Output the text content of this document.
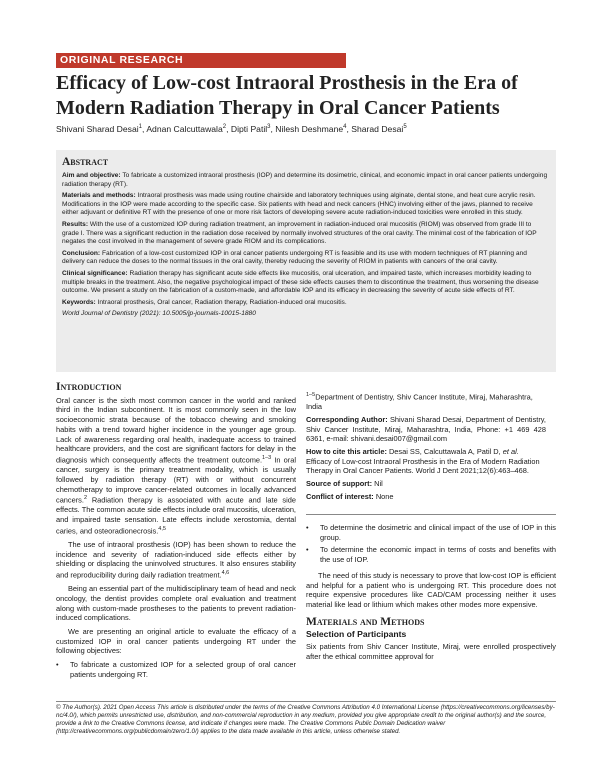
ORIGINAL RESEARCH
Efficacy of Low-cost Intraoral Prosthesis in the Era of Modern Radiation Therapy in Oral Cancer Patients
Shivani Sharad Desai$^1$, Adnan Calcuttawala$^2$, Dipti Patil$^3$, Nilesh Deshmane$^4$, Sharad Desai$^5$
Abstract

Aim and objective: To fabricate a customized intraoral prosthesis (IOP) and determine its dosimetric, clinical, and economic impact in oral cancer patients undergoing radiation therapy (RT).

Materials and methods: Intraoral prosthesis was made using routine chairside and laboratory techniques using alginate, dental stone, and heat cure acrylic resin. Modifications in the IOP were made according to the specific case. Six patients with head and neck cancers (HNC) involving either of the jaws, planned to receive either adjuvant or definitive RT with the presence of one or more risk factors of developing severe acute radiation-induced toxicities were enrolled in this study.

Results: With the use of a customized IOP during radiation treatment, an improvement in radiation-induced oral mucositis (RIOM) was observed from grade III to grade I. There was a significant reduction in the radiation dose received by normally involved structures of the oral cavity. The minimal cost of the fabrication of IOP negates the cost involved in the management of severe grade RIOM and its complications.

Conclusion: Fabrication of a low-cost customized IOP in oral cancer patients undergoing RT is feasible and its use with modern techniques of RT planning and delivery can reduce the doses to the normal tissues in the oral cavity, thereby reducing the severity of RIOM in patients with cancers of the oral cavity.

Clinical significance: Radiation therapy has significant acute side effects like mucositis, oral ulceration, and impaired taste, which increases morbidity leading to multiple breaks in the treatment. Also, the negative psychological impact of these side effects causes them to discontinue the treatment, thus worsening the disease outcome. We present a study on the fabrication of a custom-made, and affordable IOP and its efficacy in decreasing the severity of acute side effects of RT.

Keywords: Intraoral prosthesis, Oral cancer, Radiation therapy, Radiation-induced oral mucositis.

World Journal of Dentistry (2021): 10.5005/jp-journals-10015-1880

Introduction

Oral cancer is the sixth most common cancer in the world and ranked third in the Indian subcontinent. It is most commonly seen in the low socioeconomic strata because of the tobacco chewing and smoking habits with a trend toward higher incidence in the younger age group. Lack of awareness regarding oral health, inadequate access to trained healthcare providers, and the cost are significant factors for delay in the diagnosis which consequently affects the treatment outcome.$^{1-3}$ In oral cancer, surgery is the primary treatment modality, which is usually followed by radiation therapy (RT) with or without concurrent chemotherapy to improve cancer-related outcomes in locally advanced cancers.$^2$ Radiation therapy is associated with acute and late side effects. The common acute side effects include oral mucositis, ulceration, and impaired taste sensation. Late effects include xerostomia, dental caries, and osteoradionecrosis.$^{4,5}$

The use of intraoral prosthesis (IOP) has been shown to reduce the incidence and severity of radiation-induced side effects either by shielding or displacing the uninvolved structures. It also ensures stability and reproducibility during daily radiation treatment.$^{4,6}$

Being an essential part of the multidisciplinary team of head and neck oncology, the dentist provides complete oral evaluation and treatment along with custom-made prostheses to the patients to prevent radiation-induced complications.

We are presenting an original article to evaluate the efficacy of a customized IOP in oral cancer patients undergoing RT under the following objectives:

•	To fabricate a customized IOP for a selected group of oral cancer patients undergoing RT.

$^{1-5}$Department of Dentistry, Shiv Cancer Institute, Miraj, Maharashtra, India

Corresponding Author: Shivani Sharad Desai, Department of Dentistry, Shiv Cancer Institute, Miraj, Maharashtra, India, Phone: +1 469 428 6361, e-mail: shivani.desai007@gmail.com

How to cite this article: Desai SS, Calcuttawala A, Patil D, et al. Efficacy of Low-cost Intraoral Prosthesis in the Era of Modern Radiation Therapy in Oral Cancer Patients. World J Dent 2021;12(6):463–468.

Source of support: Nil

Conflict of interest: None

•	To determine the dosimetric and clinical impact of the use of IOP in this group.
•	To determine the economic impact in terms of costs and benefits with the use of IOP.

The need of this study is necessary to prove that low-cost IOP is efficient and helpful for a patient who is undergoing RT. This procedure does not require expensive procedures like CAD/CAM processing neither it uses material like lead or lithium which makes other modes more expensive.

Materials and Methods
Selection of Participants

Six patients from Shiv Cancer Institute, Miraj, were enrolled prospectively after the ethical committee approval for

© The Author(s). 2021 Open Access This article is distributed under the terms of the Creative Commons Attribution 4.0 International License (https://creativecommons.org/licenses/by-nc/4.0/), which permits unrestricted use, distribution, and non-commercial reproduction in any medium, provided you give appropriate credit to the original author(s) and the source, provide a link to the Creative Commons license, and indicate if changes were made. The Creative Commons Public Domain Dedication waiver (http://creativecommons.org/publicdomain/zero/1.0/) applies to the data made available in this article, unless otherwise stated.
